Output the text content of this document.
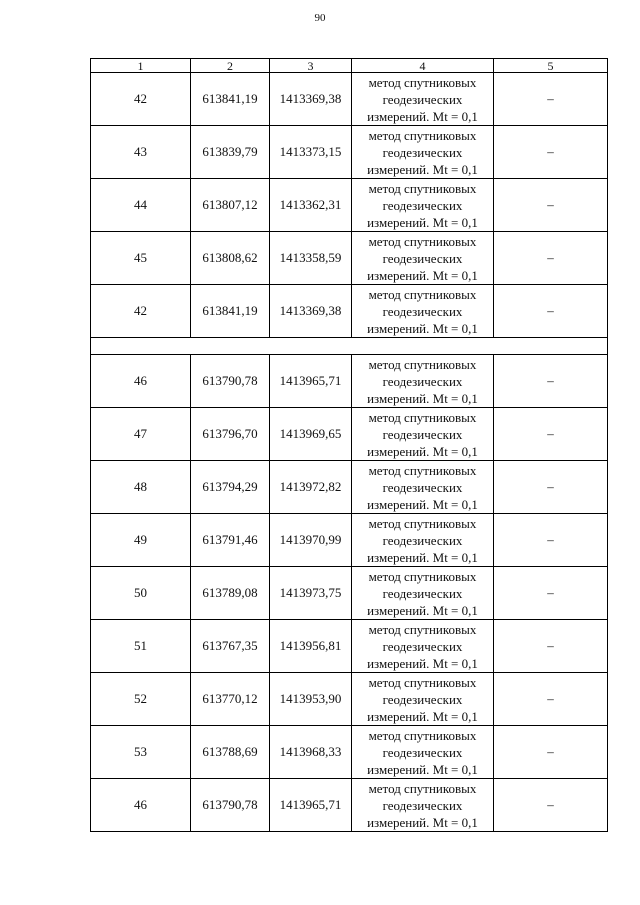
90
1	2	3	4	5
42	613841,19	1413369,38	метод спутниковых
геодезических
измерений. Mt = 0,1	–
43	613839,79	1413373,15	метод спутниковых
геодезических
измерений. Mt = 0,1	–
44	613807,12	1413362,31	метод спутниковых
геодезических
измерений. Mt = 0,1	–
45	613808,62	1413358,59	метод спутниковых
геодезических
измерений. Mt = 0,1	–
42	613841,19	1413369,38	метод спутниковых
геодезических
измерений. Mt = 0,1	–

46	613790,78	1413965,71	метод спутниковых
геодезических
измерений. Mt = 0,1	–
47	613796,70	1413969,65	метод спутниковых
геодезических
измерений. Mt = 0,1	–
48	613794,29	1413972,82	метод спутниковых
геодезических
измерений. Mt = 0,1	–
49	613791,46	1413970,99	метод спутниковых
геодезических
измерений. Mt = 0,1	–
50	613789,08	1413973,75	метод спутниковых
геодезических
измерений. Mt = 0,1	–
51	613767,35	1413956,81	метод спутниковых
геодезических
измерений. Mt = 0,1	–
52	613770,12	1413953,90	метод спутниковых
геодезических
измерений. Mt = 0,1	–
53	613788,69	1413968,33	метод спутниковых
геодезических
измерений. Mt = 0,1	–
46	613790,78	1413965,71	метод спутниковых
геодезических
измерений. Mt = 0,1	–
